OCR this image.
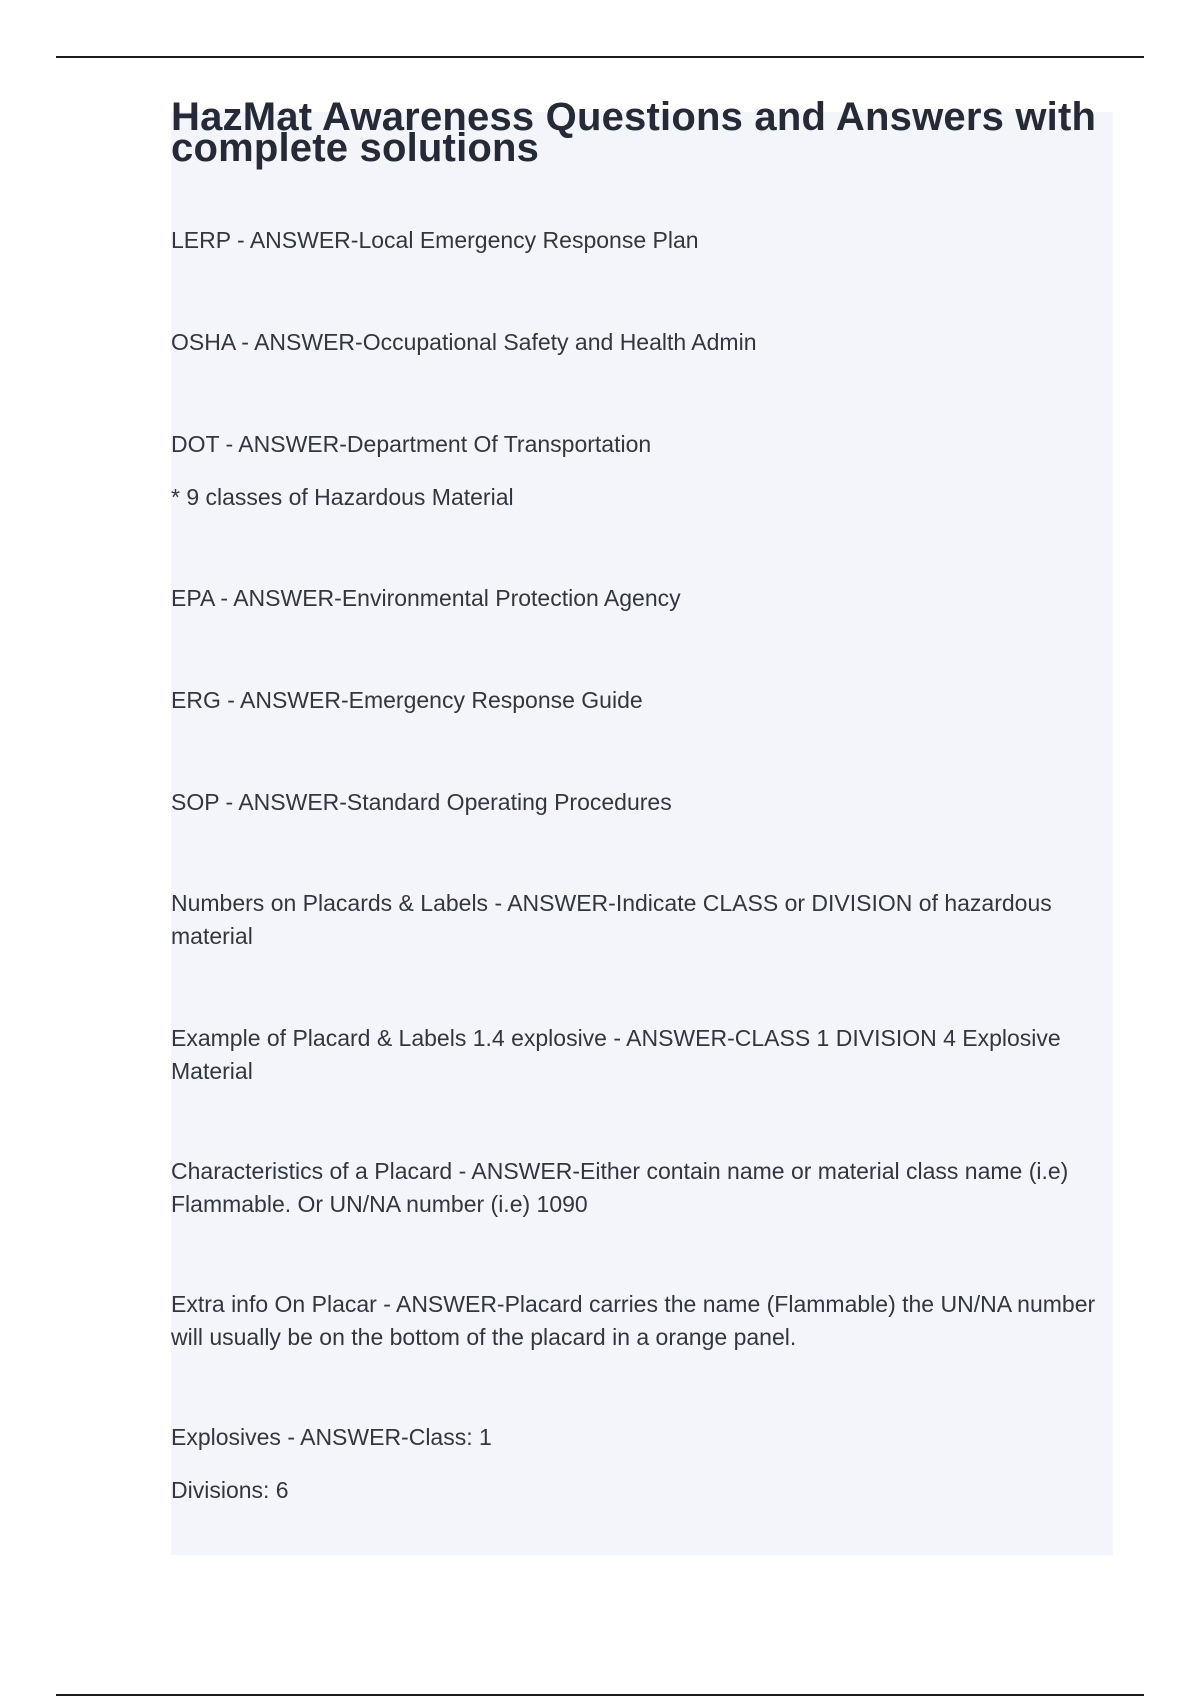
HazMat Awareness Questions and Answers with complete solutions
LERP - ANSWER-Local Emergency Response Plan
OSHA - ANSWER-Occupational Safety and Health Admin
DOT - ANSWER-Department Of Transportation
* 9 classes of Hazardous Material
EPA - ANSWER-Environmental Protection Agency
ERG - ANSWER-Emergency Response Guide
SOP - ANSWER-Standard Operating Procedures
Numbers on Placards & Labels - ANSWER-Indicate CLASS or DIVISION of hazardous material
Example of Placard & Labels 1.4 explosive - ANSWER-CLASS 1 DIVISION 4 Explosive Material
Characteristics of a Placard - ANSWER-Either contain name or material class name (i.e) Flammable. Or UN/NA number (i.e) 1090
Extra info On Placar - ANSWER-Placard carries the name (Flammable) the UN/NA number will usually be on the bottom of the placard in a orange panel.
Explosives - ANSWER-Class: 1
Divisions: 6
